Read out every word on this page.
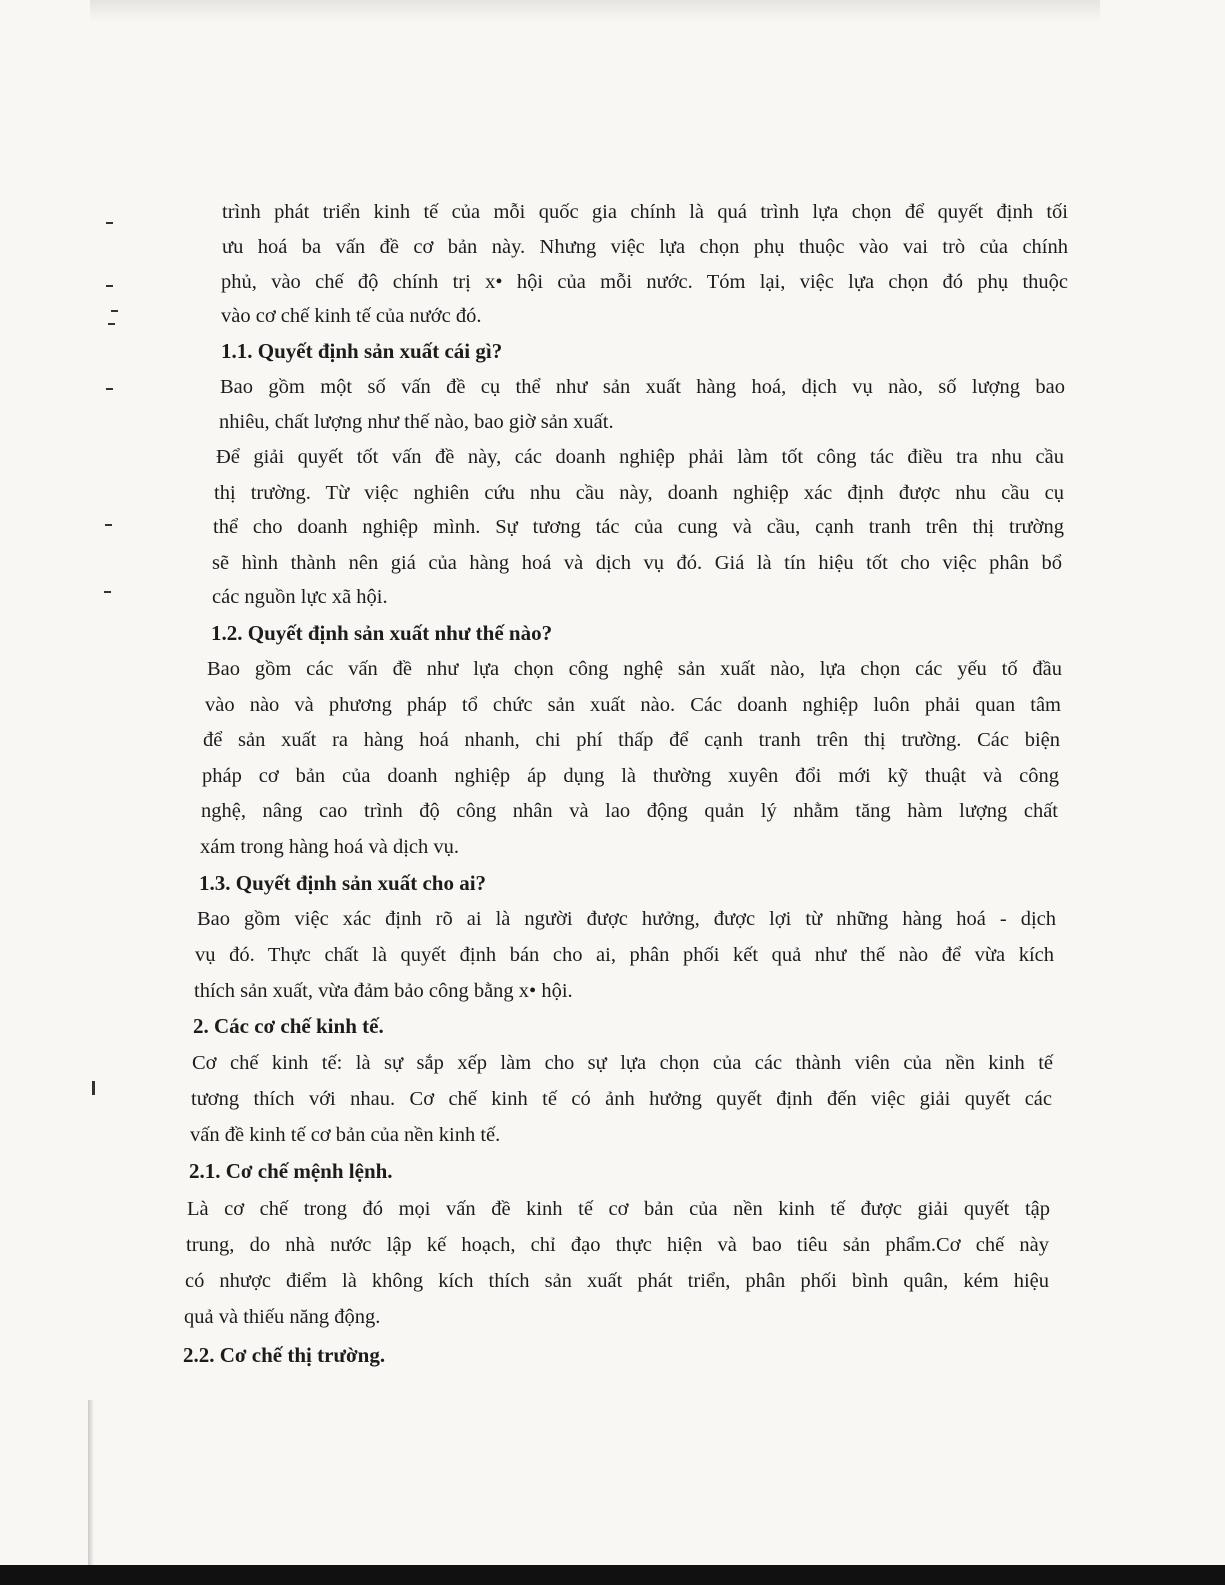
trình phát triển kinh tế của mỗi quốc gia chính là quá trình lựa chọn để quyết định tối

ưu hoá ba vấn đề cơ bản này. Nhưng việc lựa chọn phụ thuộc vào vai trò của chính

phủ, vào chế độ chính trị x• hội của mỗi nước. Tóm lại, việc lựa chọn đó phụ thuộc

vào cơ chế kinh tế của nước đó.

1.1. Quyết định sản xuất cái gì?

Bao gồm một số vấn đề cụ thể như sản xuất hàng hoá, dịch vụ nào, số lượng bao

nhiêu, chất lượng như thế nào, bao giờ sản xuất.

Để giải quyết tốt vấn đề này, các doanh nghiệp phải làm tốt công tác điều tra nhu cầu

thị trường. Từ việc nghiên cứu nhu cầu này, doanh nghiệp xác định được nhu cầu cụ

thể cho doanh nghiệp mình. Sự tương tác của cung và cầu, cạnh tranh trên thị trường

sẽ hình thành nên giá của hàng hoá và dịch vụ đó. Giá là tín hiệu tốt cho việc phân bổ

các nguồn lực xã hội.

1.2. Quyết định sản xuất như thế nào?

Bao gồm các vấn đề như lựa chọn công nghệ sản xuất nào, lựa chọn các yếu tố đầu

vào nào và phương pháp tổ chức sản xuất nào. Các doanh nghiệp luôn phải quan tâm

để sản xuất ra hàng hoá nhanh, chi phí thấp để cạnh tranh trên thị trường. Các biện

pháp cơ bản của doanh nghiệp áp dụng là thường xuyên đổi mới kỹ thuật và công

nghệ, nâng cao trình độ công nhân và lao động quản lý nhằm tăng hàm lượng chất

xám trong hàng hoá và dịch vụ.

1.3. Quyết định sản xuất cho ai?

Bao gồm việc xác định rõ ai là người được hưởng, được lợi từ những hàng hoá - dịch

vụ đó. Thực chất là quyết định bán cho ai, phân phối kết quả như thế nào để vừa kích

thích sản xuất, vừa đảm bảo công bằng x• hội.

2. Các cơ chế kinh tế.

Cơ chế kinh tế: là sự sắp xếp làm cho sự lựa chọn của các thành viên của nền kinh tế

tương thích với nhau. Cơ chế kinh tế có ảnh hưởng quyết định đến việc giải quyết các

vấn đề kinh tế cơ bản của nền kinh tế.

2.1. Cơ chế mệnh lệnh.

Là cơ chế trong đó mọi vấn đề kinh tế cơ bản của nền kinh tế được giải quyết tập

trung, do nhà nước lập kế hoạch, chỉ đạo thực hiện và bao tiêu sản phẩm.Cơ chế này

có nhược điểm là không kích thích sản xuất phát triển, phân phối bình quân, kém hiệu

quả và thiếu năng động.

2.2. Cơ chế thị trường.
